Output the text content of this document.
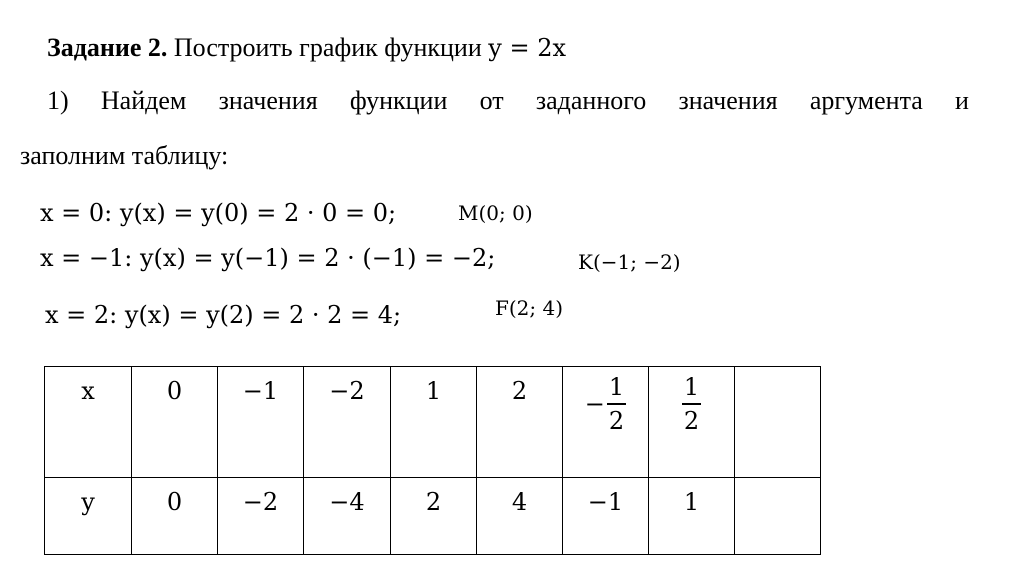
Задание 2. Построить график функции y = 2x
1) Найдем значения функции от заданного значения аргумента и
заполним таблицу:
x = 0: y(x) = y(0) = 2 · 0 = 0;	M(0; 0)
x = −1: y(x) = y(−1) = 2 · (−1) = −2;	K(−1; −2)
x = 2: y(x) = y(2) = 2 · 2 = 4;	F(2; 4)
x	0	−1	−2	1	2	− $\frac{1}{2}$	$\frac{1}{2}$

y	0	−2	−4	2	4	−1	1	
